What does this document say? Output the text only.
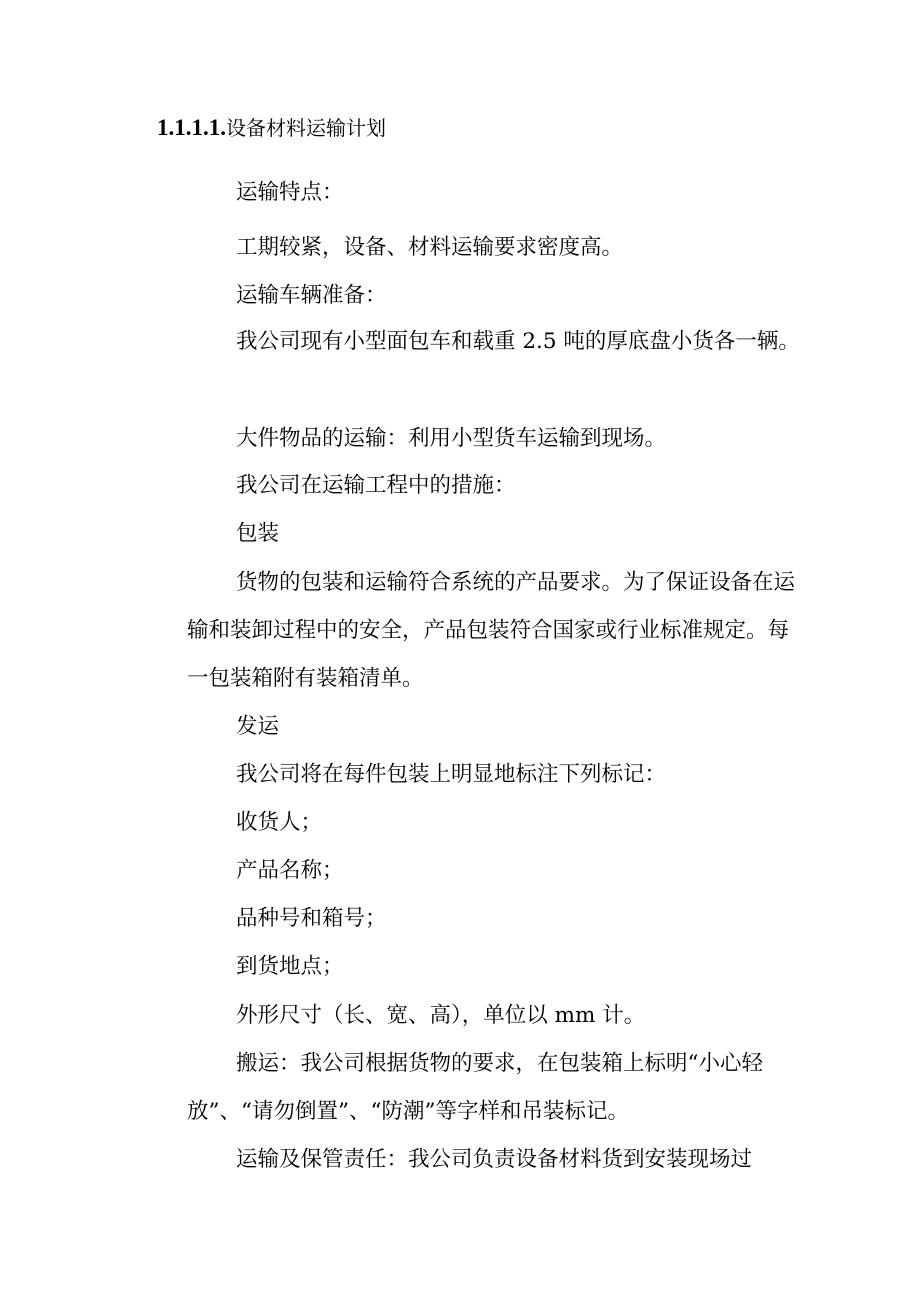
1.1.1.1.设备材料运输计划

运输特点：

工期较紧，设备、材料运输要求密度高。

运输车辆准备：

我公司现有小型面包车和载重 2.5 吨的厚底盘小货各一辆。

大件物品的运输：利用小型货车运输到现场。

我公司在运输工程中的措施：

包装

货物的包装和运输符合系统的产品要求。为了保证设备在运输和装卸过程中的安全，产品包装符合国家或行业标准规定。每一包装箱附有装箱清单。

发运

我公司将在每件包装上明显地标注下列标记：

收货人；

产品名称；

品种号和箱号；

到货地点；

外形尺寸（长、宽、高），单位以 mm 计。

搬运：我公司根据货物的要求，在包装箱上标明“小心轻放”、“请勿倒置”、“防潮”等字样和吊装标记。

运输及保管责任：我公司负责设备材料货到安装现场过
